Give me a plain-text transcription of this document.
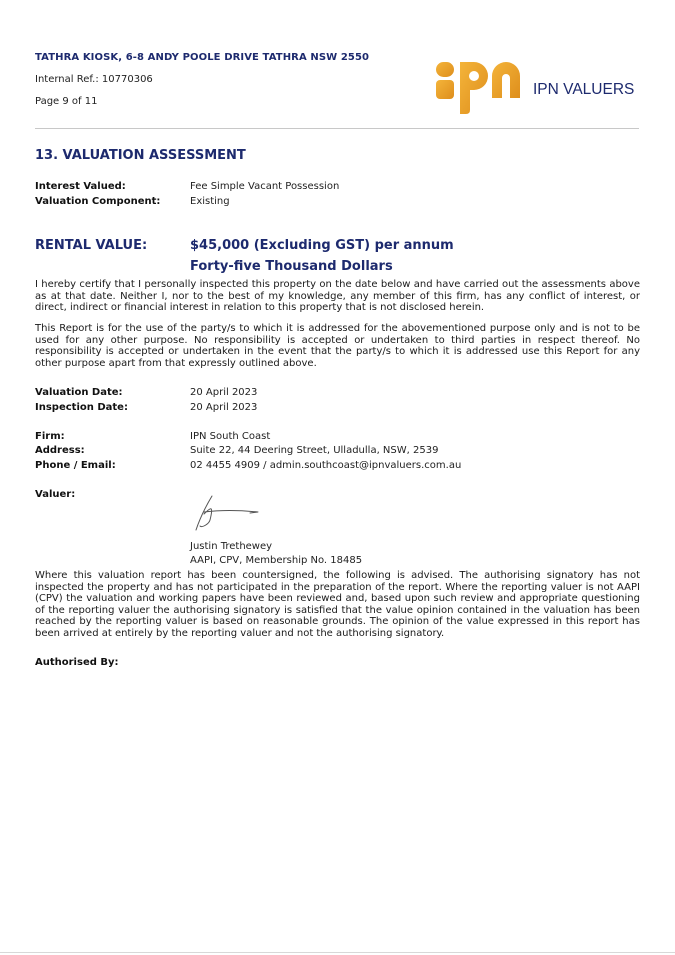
TATHRA KIOSK, 6-8 ANDY POOLE DRIVE TATHRA NSW 2550
Internal Ref.: 10770306
Page 9 of 11
IPN VALUERS
13. VALUATION ASSESSMENT
Interest Valued:	Fee Simple Vacant Possession
Valuation Component:	Existing
RENTAL VALUE:	$45,000 (Excluding GST) per annum
Forty-five Thousand Dollars
I hereby certify that I personally inspected this property on the date below and have carried out the assessments above as at that date. Neither I, nor to the best of my knowledge, any member of this firm, has any conflict of interest, or direct, indirect or financial interest in relation to this property that is not disclosed herein.
This Report is for the use of the party/s to which it is addressed for the abovementioned purpose only and is not to be used for any other purpose. No responsibility is accepted or undertaken to third parties in respect thereof. No responsibility is accepted or undertaken in the event that the party/s to which it is addressed use this Report for any other purpose apart from that expressly outlined above.
Valuation Date:	20 April 2023
Inspection Date:	20 April 2023
Firm:	IPN South Coast
Address:	Suite 22, 44 Deering Street, Ulladulla, NSW, 2539
Phone / Email:	02 4455 4909 / admin.southcoast@ipnvaluers.com.au
Valuer:
Justin Trethewey
AAPI, CPV, Membership No. 18485
Where this valuation report has been countersigned, the following is advised. The authorising signatory has not inspected the property and has not participated in the preparation of the report. Where the reporting valuer is not AAPI (CPV) the valuation and working papers have been reviewed and, based upon such review and appropriate questioning of the reporting valuer the authorising signatory is satisfied that the value opinion contained in the valuation has been reached by the reporting valuer is based on reasonable grounds. The opinion of the value expressed in this report has been arrived at entirely by the reporting valuer and not the authorising signatory.
Authorised By:
